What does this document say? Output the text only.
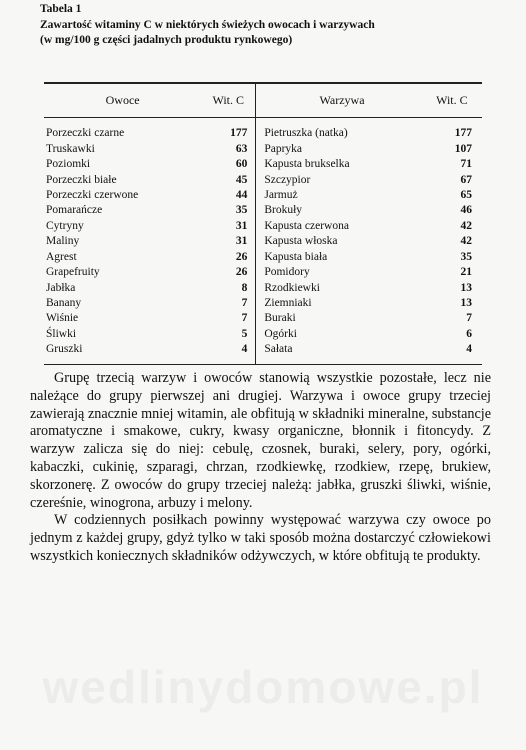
Tabela 1
Zawartość witaminy C w niektórych świeżych owocach i warzywach
(w mg/100 g części jadalnych produktu rynkowego)
Owoce	Wit. C	Warzywa	Wit. C
Porzeczki czarne	177	Pietruszka (natka)	177
Truskawki	63	Papryka	107
Poziomki	60	Kapusta brukselka	71
Porzeczki białe	45	Szczypior	67
Porzeczki czerwone	44	Jarmuż	65
Pomarańcze	35	Brokuły	46
Cytryny	31	Kapusta czerwona	42
Maliny	31	Kapusta włoska	42
Agrest	26	Kapusta biała	35
Grapefruity	26	Pomidory	21
Jabłka	8	Rzodkiewki	13
Banany	7	Ziemniaki	13
Wiśnie	7	Buraki	7
Śliwki	5	Ogórki	6
Gruszki	4	Sałata	4

Grupę trzecią warzyw i owoców stanowią wszystkie pozostałe, lecz nie należące do grupy pierwszej ani drugiej. Warzywa i owoce grupy trzeciej zawierają znacznie mniej witamin, ale obfitują w składniki mineralne, substancje aromatyczne i smakowe, cukry, kwasy organiczne, błonnik i fitoncydy. Z warzyw zalicza się do niej: cebulę, czosnek, buraki, selery, pory, ogórki, kabaczki, cukinię, szparagi, chrzan, rzodkiewkę, rzodkiew, rzepę, brukiew, skorzonerę. Z owoców do grupy trzeciej należą: jabłka, gruszki śliwki, wiśnie, czereśnie, winogrona, arbuzy i melony.

W codziennych posiłkach powinny występować warzywa czy owoce po jednym z każdej grupy, gdyż tylko w taki sposób można dostarczyć człowiekowi wszystkich koniecznych składników odżywczych, w które obfitują te produkty.

wedlinydomowe.pl
